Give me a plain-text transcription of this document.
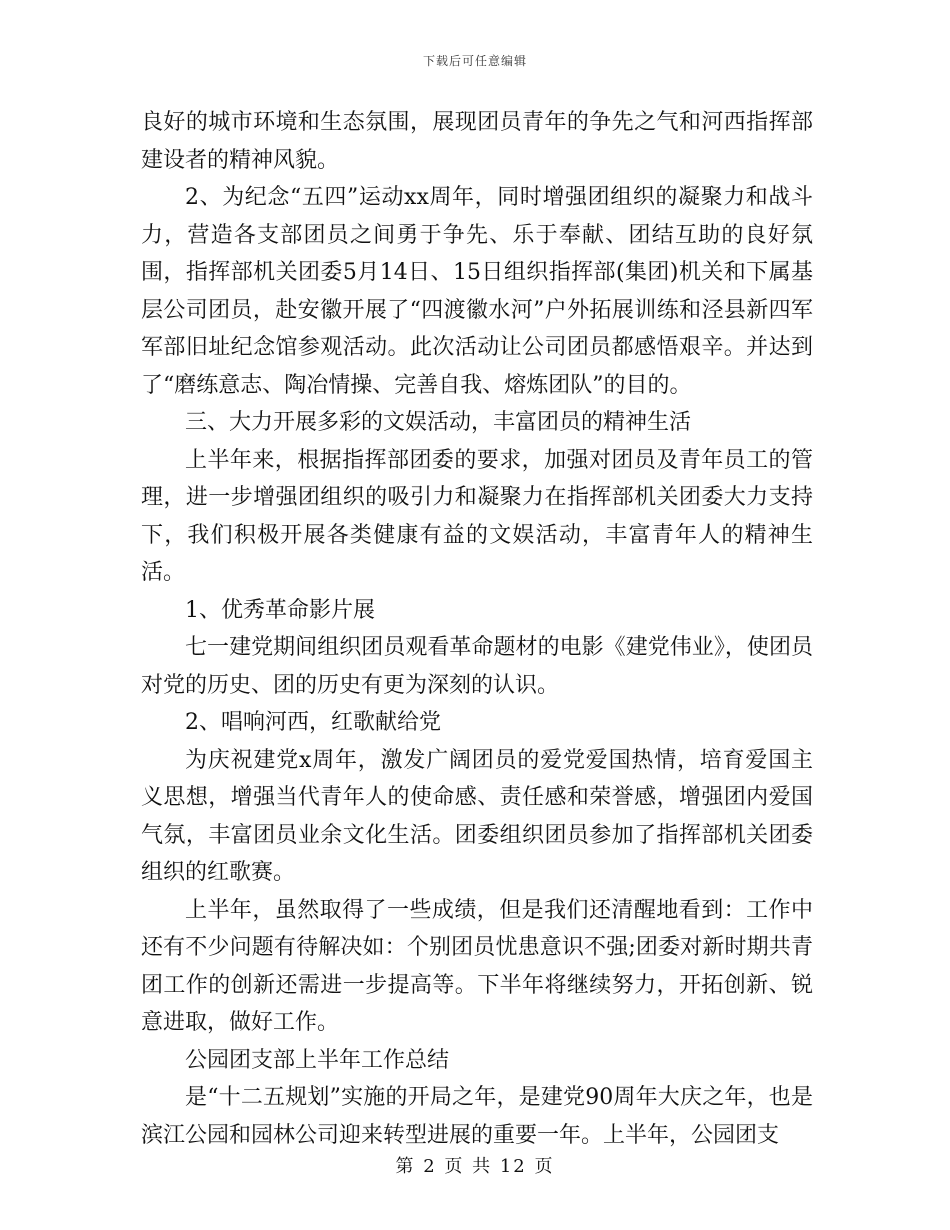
下载后可任意编辑

良好的城市环境和生态氛围，展现团员青年的争先之气和河西指挥部建设者的精神风貌。

2、为纪念“五四”运动xx周年，同时增强团组织的凝聚力和战斗力，营造各支部团员之间勇于争先、乐于奉献、团结互助的良好氛围，指挥部机关团委5月14日、15日组织指挥部(集团)机关和下属基层公司团员，赴安徽开展了“四渡徽水河”户外拓展训练和泾县新四军军部旧址纪念馆参观活动。此次活动让公司团员都感悟艰辛。并达到了“磨练意志、陶冶情操、完善自我、熔炼团队”的目的。

三、大力开展多彩的文娱活动，丰富团员的精神生活

上半年来，根据指挥部团委的要求，加强对团员及青年员工的管理，进一步增强团组织的吸引力和凝聚力在指挥部机关团委大力支持下，我们积极开展各类健康有益的文娱活动，丰富青年人的精神生活。

1、优秀革命影片展

七一建党期间组织团员观看革命题材的电影《建党伟业》，使团员对党的历史、团的历史有更为深刻的认识。

2、唱响河西，红歌献给党

为庆祝建党x周年，激发广阔团员的爱党爱国热情，培育爱国主义思想，增强当代青年人的使命感、责任感和荣誉感，增强团内爱国气氛，丰富团员业余文化生活。团委组织团员参加了指挥部机关团委组织的红歌赛。

上半年，虽然取得了一些成绩，但是我们还清醒地看到：工作中还有不少问题有待解决如：个别团员忧患意识不强;团委对新时期共青团工作的创新还需进一步提高等。下半年将继续努力，开拓创新、锐意进取，做好工作。

公园团支部上半年工作总结

是“十二五规划”实施的开局之年，是建党90周年大庆之年，也是滨江公园和园林公司迎来转型进展的重要一年。上半年，公园团支

第 2 页 共 12 页
